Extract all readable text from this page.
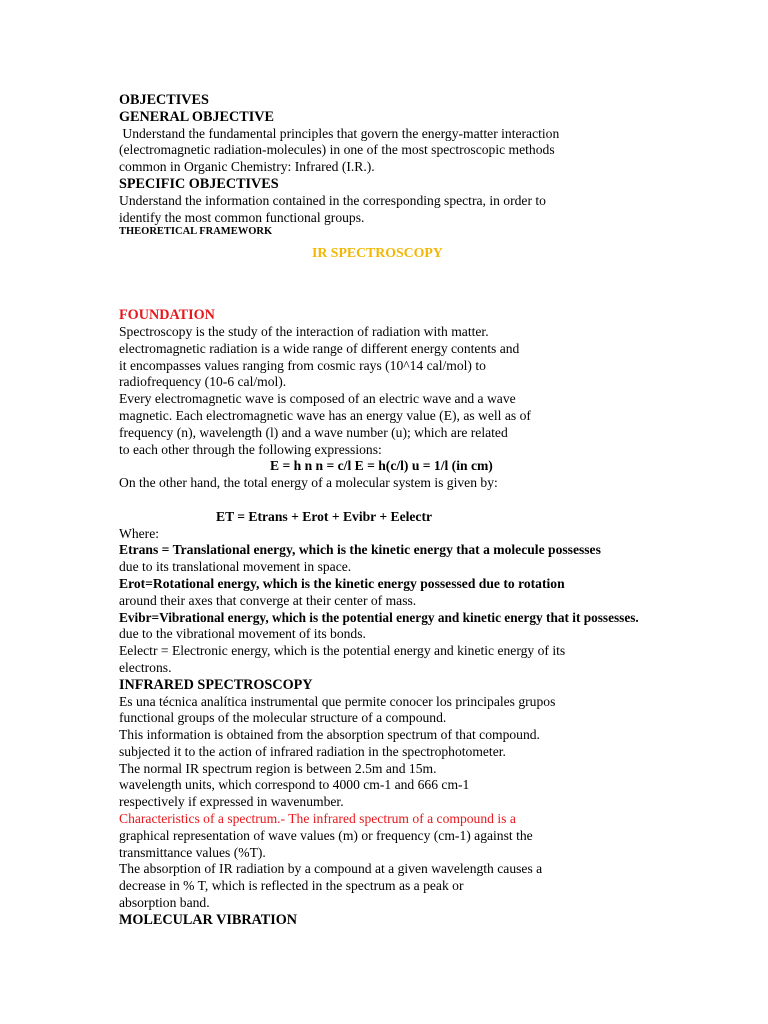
OBJECTIVES
GENERAL OBJECTIVE
Understand the fundamental principles that govern the energy-matter interaction
(electromagnetic radiation-molecules) in one of the most spectroscopic methods
common in Organic Chemistry: Infrared (I.R.).
SPECIFIC OBJECTIVES
Understand the information contained in the corresponding spectra, in order to
identify the most common functional groups.
THEORETICAL FRAMEWORK
IR SPECTROSCOPY
FOUNDATION
Spectroscopy is the study of the interaction of radiation with matter.
electromagnetic radiation is a wide range of different energy contents and
it encompasses values ranging from cosmic rays (10^14 cal/mol) to
radiofrequency (10-6 cal/mol).
Every electromagnetic wave is composed of an electric wave and a wave
magnetic. Each electromagnetic wave has an energy value (E), as well as of
frequency (n), wavelength (l) and a wave number (u); which are related
to each other through the following expressions:
E = h n n = c/l E = h(c/l) u = 1/l (in cm)
On the other hand, the total energy of a molecular system is given by:
ET = Etrans + Erot + Evibr + Eelectr
Where:
Etrans = Translational energy, which is the kinetic energy that a molecule possesses
due to its translational movement in space.
Erot=Rotational energy, which is the kinetic energy possessed due to rotation
around their axes that converge at their center of mass.
Evibr=Vibrational energy, which is the potential energy and kinetic energy that it possesses.
due to the vibrational movement of its bonds.
Eelectr = Electronic energy, which is the potential energy and kinetic energy of its
electrons.
INFRARED SPECTROSCOPY
Es una técnica analítica instrumental que permite conocer los principales grupos
functional groups of the molecular structure of a compound.
This information is obtained from the absorption spectrum of that compound.
subjected it to the action of infrared radiation in the spectrophotometer.
The normal IR spectrum region is between 2.5m and 15m.
wavelength units, which correspond to 4000 cm-1 and 666 cm-1
respectively if expressed in wavenumber.
Characteristics of a spectrum.- The infrared spectrum of a compound is a
graphical representation of wave values (m) or frequency (cm-1) against the
transmittance values (%T).
The absorption of IR radiation by a compound at a given wavelength causes a
decrease in % T, which is reflected in the spectrum as a peak or
absorption band.
MOLECULAR VIBRATION
